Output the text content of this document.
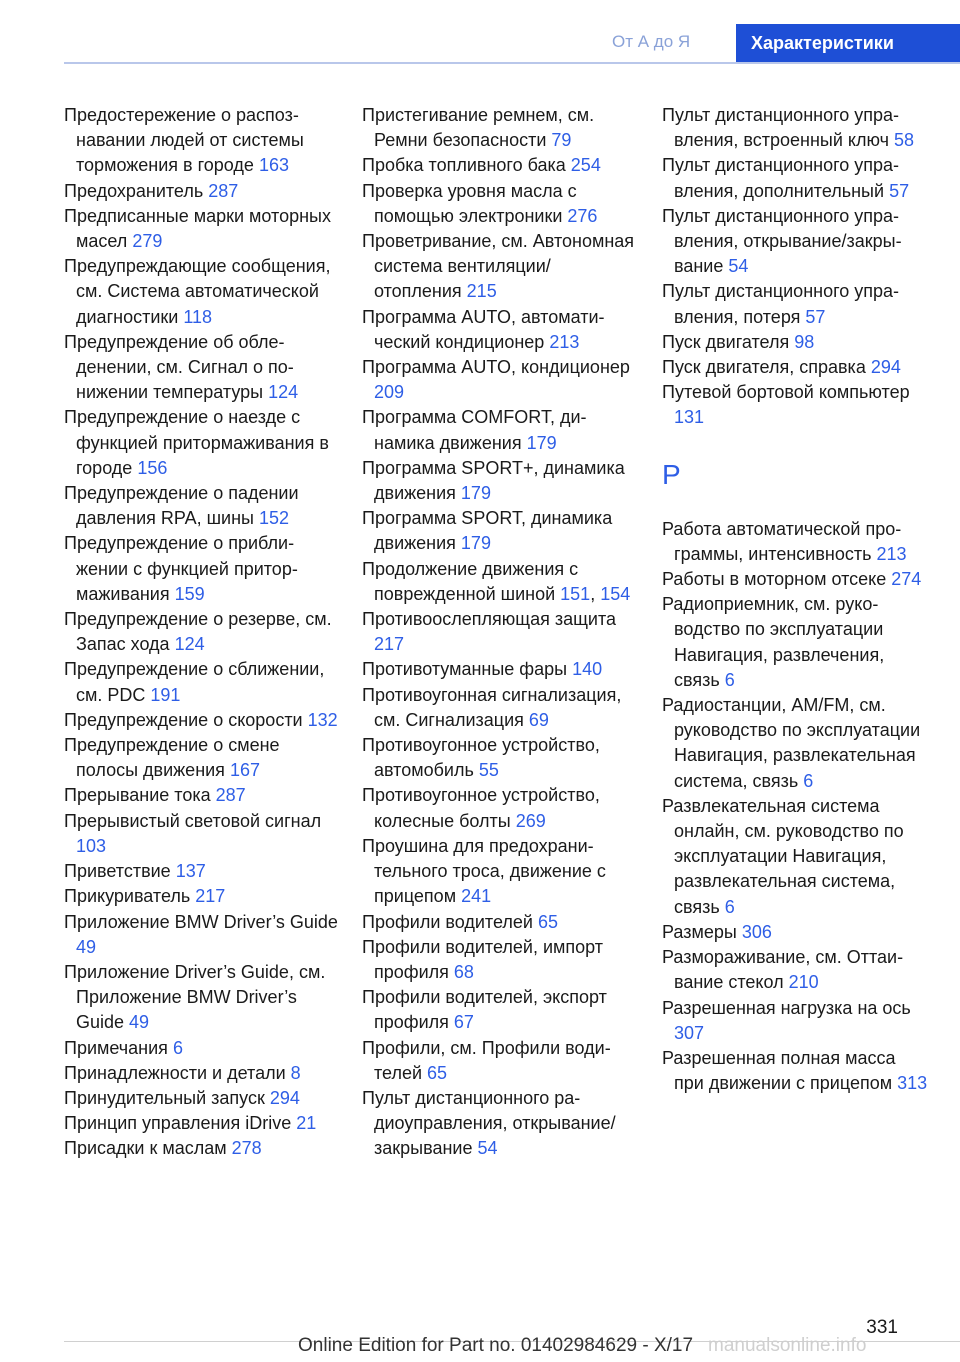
От А до Я	Характеристики

Предостережение о распознавании людей от системы торможения в городе 163

Предохранитель 287

Предписанные марки моторных масел 279

Предупреждающие сообщения, см. Система автоматической диагностики 118

Предупреждение об обледенении, см. Сигнал о понижении температуры 124

Предупреждение о наезде с функцией притормаживания в городе 156

Предупреждение о падении давления RPA, шины 152

Предупреждение о приближении с функцией притормаживания 159

Предупреждение о резерве, см. Запас хода 124

Предупреждение о сближении, см. PDC 191

Предупреждение о скорости 132

Предупреждение о смене полосы движения 167

Прерывание тока 287

Прерывистый световой сигнал 103

Приветствие 137

Прикуриватель 217

Приложение BMW Driver’s Guide 49

Приложение Driver’s Guide, см. Приложение BMW Driver’s Guide 49

Примечания 6

Принадлежности и детали 8

Принудительный запуск 294

Принцип управления iDrive 21

Присадки к маслам 278

Пристегивание ремнем, см. Ремни безопасности 79

Пробка топливного бака 254

Проверка уровня масла с помощью электроники 276

Проветривание, см. Автономная система вентиляции/отопления 215

Программа AUTO, автоматический кондиционер 213

Программа AUTO, кондиционер 209

Программа COMFORT, динамика движения 179

Программа SPORT+, динамика движения 179

Программа SPORT, динамика движения 179

Продолжение движения с поврежденной шиной 151, 154

Противоослепляющая защита 217

Противотуманные фары 140

Противоугонная сигнализация, см. Сигнализация 69

Противоугонное устройство, автомобиль 55

Противоугонное устройство, колесные болты 269

Проушина для предохранительного троса, движение с прицепом 241

Профили водителей 65

Профили водителей, импорт профиля 68

Профили водителей, экспорт профиля 67

Профили, см. Профили водителей 65

Пульт дистанционного радиоуправления, открывание/закрывание 54

Пульт дистанционного управления, встроенный ключ 58

Пульт дистанционного управления, дополнительный 57

Пульт дистанционного управления, открывание/закрывание 54

Пульт дистанционного управления, потеря 57

Пуск двигателя 98

Пуск двигателя, справка 294

Путевой бортовой компьютер 131

Р

Работа автоматической программы, интенсивность 213

Работы в моторном отсеке 274

Радиоприемник, см. руководство по эксплуатации Навигация, развлечения, связь 6

Радиостанции, AM/FM, см. руководство по эксплуатации Навигация, развлекательная система, связь 6

Развлекательная система онлайн, см. руководство по эксплуатации Навигация, развлекательная система, связь 6

Размеры 306

Размораживание, см. Оттаивание стекол 210

Разрешенная нагрузка на ось 307

Разрешенная полная масса при движении с прицепом 313

331
Online Edition for Part no. 01402984629 - X/17 manualsonline.info
